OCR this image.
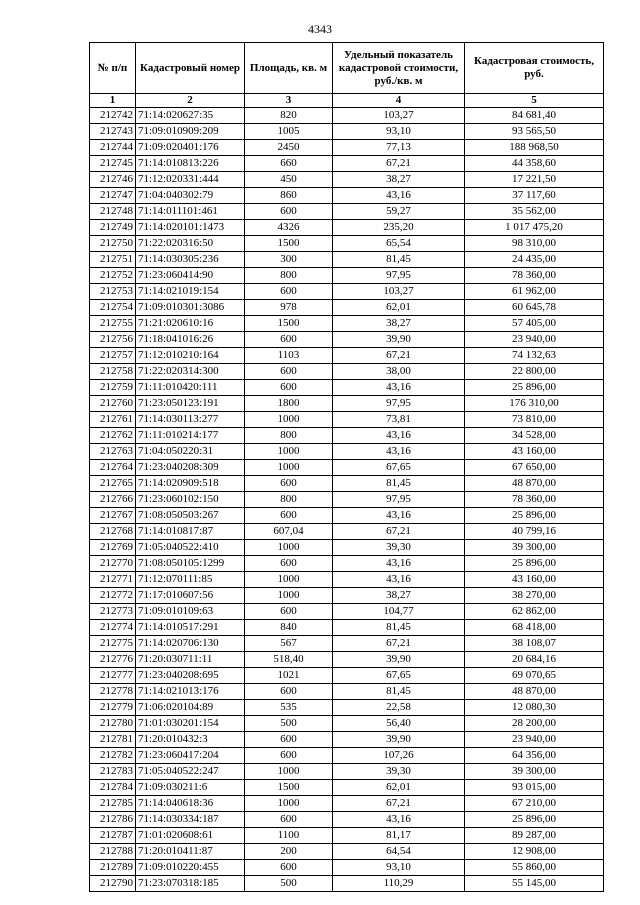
4343
№ п/п	Кадастровый номер	Площадь, кв. м	Удельный показатель кадастровой стоимости, руб./кв. м	Кадастровая стоимость, руб.
1	2	3	4	5
212742	71:14:020627:35	820	103,27	84 681,40
212743	71:09:010909:209	1005	93,10	93 565,50
212744	71:09:020401:176	2450	77,13	188 968,50
212745	71:14:010813:226	660	67,21	44 358,60
212746	71:12:020331:444	450	38,27	17 221,50
212747	71:04:040302:79	860	43,16	37 117,60
212748	71:14:011101:461	600	59,27	35 562,00
212749	71:14:020101:1473	4326	235,20	1 017 475,20
212750	71:22:020316:50	1500	65,54	98 310,00
212751	71:14:030305:236	300	81,45	24 435,00
212752	71:23:060414:90	800	97,95	78 360,00
212753	71:14:021019:154	600	103,27	61 962,00
212754	71:09:010301:3086	978	62,01	60 645,78
212755	71:21:020610:16	1500	38,27	57 405,00
212756	71:18:041016:26	600	39,90	23 940,00
212757	71:12:010210:164	1103	67,21	74 132,63
212758	71:22:020314:300	600	38,00	22 800,00
212759	71:11:010420:111	600	43,16	25 896,00
212760	71:23:050123:191	1800	97,95	176 310,00
212761	71:14:030113:277	1000	73,81	73 810,00
212762	71:11:010214:177	800	43,16	34 528,00
212763	71:04:050220:31	1000	43,16	43 160,00
212764	71:23:040208:309	1000	67,65	67 650,00
212765	71:14:020909:518	600	81,45	48 870,00
212766	71:23:060102:150	800	97,95	78 360,00
212767	71:08:050503:267	600	43,16	25 896,00
212768	71:14:010817:87	607,04	67,21	40 799,16
212769	71:05:040522:410	1000	39,30	39 300,00
212770	71:08:050105:1299	600	43,16	25 896,00
212771	71:12:070111:85	1000	43,16	43 160,00
212772	71:17:010607:56	1000	38,27	38 270,00
212773	71:09:010109:63	600	104,77	62 862,00
212774	71:14:010517:291	840	81,45	68 418,00
212775	71:14:020706:130	567	67,21	38 108,07
212776	71:20:030711:11	518,40	39,90	20 684,16
212777	71:23:040208:695	1021	67,65	69 070,65
212778	71:14:021013:176	600	81,45	48 870,00
212779	71:06:020104:89	535	22,58	12 080,30
212780	71:01:030201:154	500	56,40	28 200,00
212781	71:20:010432:3	600	39,90	23 940,00
212782	71:23:060417:204	600	107,26	64 356,00
212783	71:05:040522:247	1000	39,30	39 300,00
212784	71:09:030211:6	1500	62,01	93 015,00
212785	71:14:040618:36	1000	67,21	67 210,00
212786	71:14:030334:187	600	43,16	25 896,00
212787	71:01:020608:61	1100	81,17	89 287,00
212788	71:20:010411:87	200	64,54	12 908,00
212789	71:09:010220:455	600	93,10	55 860,00
212790	71:23:070318:185	500	110,29	55 145,00
